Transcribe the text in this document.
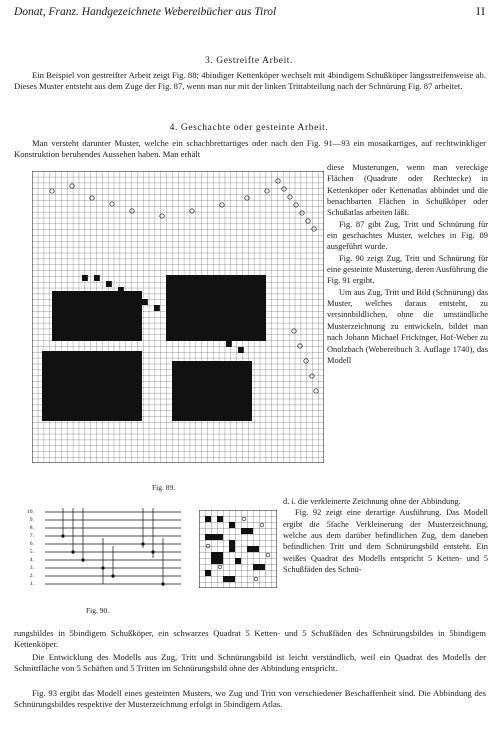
Donat, Franz. Handgezeichnete Webereibücher aus Tirol	II
3. Gestreifte Arbeit.
Ein Beispiel von gestreifter Arbeit zeigt Fig. 88; 4bindiger Kettenköper wechselt mit 4bindigem Schußköper längsstreifenweise ab. Dieses Muster entsteht aus dem Zuge der Fig. 87, wenn man nur mit der linken Trittabteilung nach der Schnürung Fig. 87 arbeitet.
4. Geschachte oder gesteinte Arbeit.
Man versteht darunter Muster, welche ein schachbrettartiges oder nach den Fig. 91—93 ein mosaikartiges, auf rechtwinkliger Konstruktion beruhendes Aussehen haben. Man erhält
Fig. 89.

diese Musterungen, wenn man vereckige Flächen (Quadrate oder Rechtecke) in Kettenköper oder Kettenatlas abbindet und die benachbarten Flächen in Schußköper oder Schußatlas arbeiten läßt.

Fig. 87 gibt Zug, Tritt und Schnürung für ein geschachtes Muster, welches in Fig. 89 ausgeführt wurde.

Fig. 90 zeigt Zug, Tritt und Schnürung für eine gesteinte Musterung, deren Ausführung die Fig. 91 ergibt.

Um aus Zug, Tritt und Bild (Schnürung) das Muster, welches daraus entsteht, zu versinnbildlichen, ohne die umständliche Musterzeichnung zu entwickeln, bildet man nach Johann Michael Frickinger, Hof-Weber zu Onolzbach (Webereibuch 3. Auflage 1740), das Modell

10.
9.
8.
7.
6.
5.
4.
3.
2.
1.
Fig. 90.

d. i. die verkleinerte Zeichnung ohne der Abbindung.

Fig. 92 zeigt eine derartige Ausführung. Das Modell ergibt die 5fache Verkleinerung der Musterzeichnung, welche aus dem darüber befindlichen Zug, dem daneben befindlichen Tritt und dem Schnürungsbild entsteht. Ein weißes Quadrat des Modells entspricht 5 Ketten- und 5 Schußfäden des Schnü-

rungsbildes in 5bindigem Schußköper, ein schwarzes Quadrat 5 Ketten- und 5 Schußfäden des Schnürungsbildes in 5bindigem Kettenköper.
Die Entwicklung des Modells aus Zug, Tritt und Schnürungsbild ist leicht verständlich, weil ein Quadrat des Modells der Schnittfläche von 5 Schäften und 5 Tritten im Schnürungsbild ohne der Abbindung entspricht.
Fig. 93 ergibt das Modell eines gesteinten Musters, wo Zug und Tritt von verschiedener Beschaffenheit sind. Die Abbindung des Schnürungsbildes respektive der Musterzeichnung erfolgt in 5bindigem Atlas.
